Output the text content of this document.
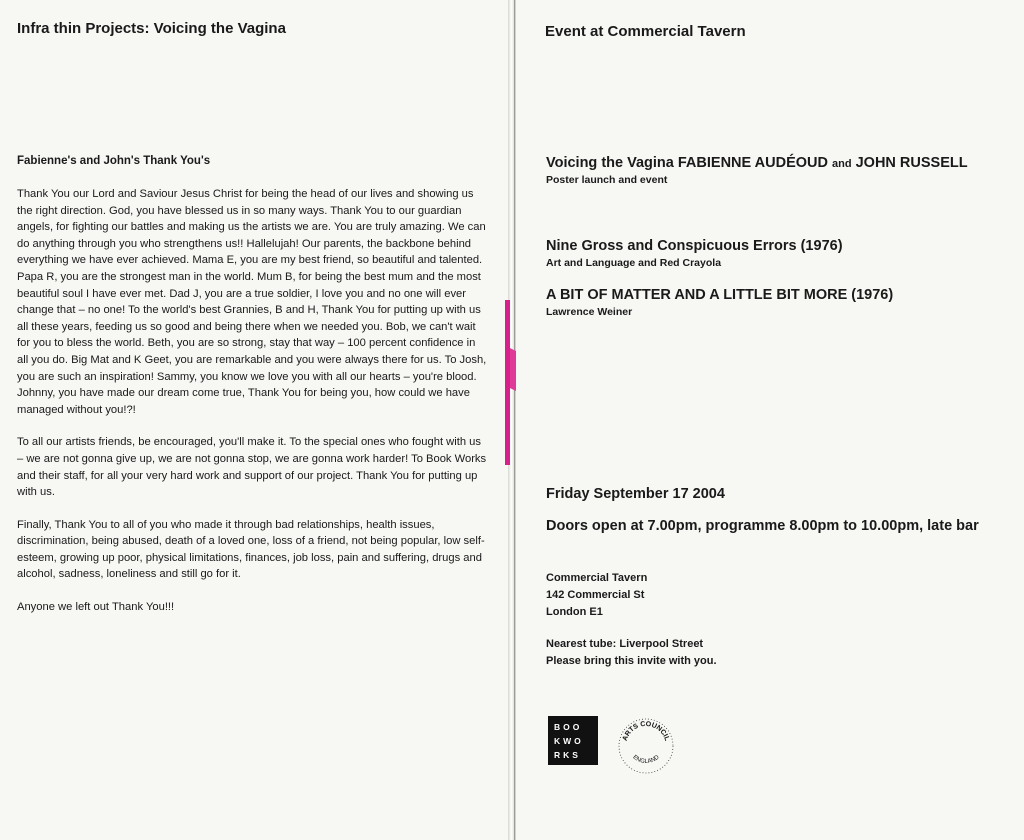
Infra thin Projects: Voicing the Vagina
Fabienne's and John's Thank You's

Thank You our Lord and Saviour Jesus Christ for being the head of our lives and showing us the right direction. God, you have blessed us in so many ways. Thank You to our guardian angels, for fighting our battles and making us the artists we are. You are truly amazing. We can do anything through you who strengthens us!! Hallelujah! Our parents, the backbone behind everything we have ever achieved. Mama E, you are my best friend, so beautiful and talented. Papa R, you are the strongest man in the world. Mum B, for being the best mum and the most beautiful soul I have ever met. Dad J, you are a true soldier, I love you and no one will ever change that – no one! To the world's best Grannies, B and H, Thank You for putting up with us all these years, feeding us so good and being there when we needed you. Bob, we can't wait for you to bless the world. Beth, you are so strong, stay that way – 100 percent confidence in all you do. Big Mat and K Geet, you are remarkable and you were always there for us. To Josh, you are such an inspiration! Sammy, you know we love you with all our hearts – you're blood. Johnny, you have made our dream come true, Thank You for being you, how could we have managed without you!?!

To all our artists friends, be encouraged, you'll make it. To the special ones who fought with us – we are not gonna give up, we are not gonna stop, we are gonna work harder! To Book Works and their staff, for all your very hard work and support of our project. Thank You for putting up with us.

Finally, Thank You to all of you who made it through bad relationships, health issues, discrimination, being abused, death of a loved one, loss of a friend, not being popular, low self-esteem, growing up poor, physical limitations, finances, job loss, pain and suffering, drugs and alcohol, sadness, loneliness and still go for it.

Anyone we left out Thank You!!!

Event at Commercial Tavern
Voicing the Vagina FABIENNE AUDÉOUD and JOHN RUSSELL
Poster launch and event
Nine Gross and Conspicuous Errors (1976)
Art and Language and Red Crayola
A BIT OF MATTER AND A LITTLE BIT MORE (1976)
Lawrence Weiner
Friday September 17 2004
Doors open at 7.00pm, programme 8.00pm to 10.00pm, late bar
Commercial Tavern
142 Commercial St
London E1
Nearest tube: Liverpool Street
Please bring this invite with you.
BOO
KWO
RKS
ARTS COUNCIL
ENGLAND
